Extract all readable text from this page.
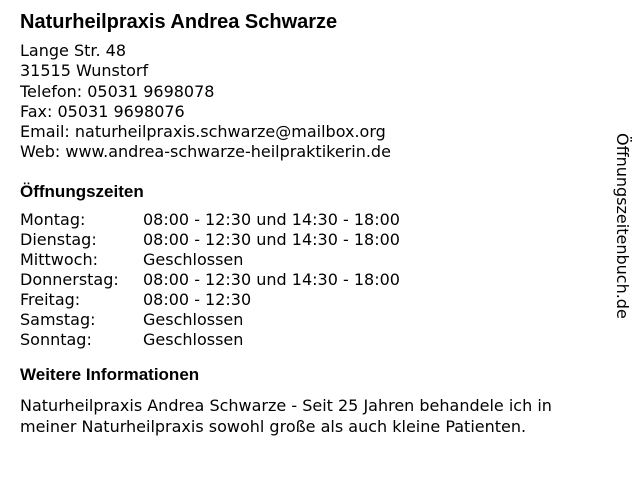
Naturheilpraxis Andrea Schwarze
Lange Str. 48
31515 Wunstorf
Telefon: 05031 9698078
Fax: 05031 9698076
Email: naturheilpraxis.schwarze@mailbox.org
Web: www.andrea-schwarze-heilpraktikerin.de
Öffnungszeiten
Montag:	08:00 - 12:30 und 14:30 - 18:00
Dienstag:	08:00 - 12:30 und 14:30 - 18:00
Mittwoch:	Geschlossen
Donnerstag:	08:00 - 12:30 und 14:30 - 18:00
Freitag:	08:00 - 12:30
Samstag:	Geschlossen
Sonntag:	Geschlossen
Weitere Informationen

Naturheilpraxis Andrea Schwarze - Seit 25 Jahren behandele ich in meiner Naturheilpraxis sowohl große als auch kleine Patienten.

Öffnungszeitenbuch.de
